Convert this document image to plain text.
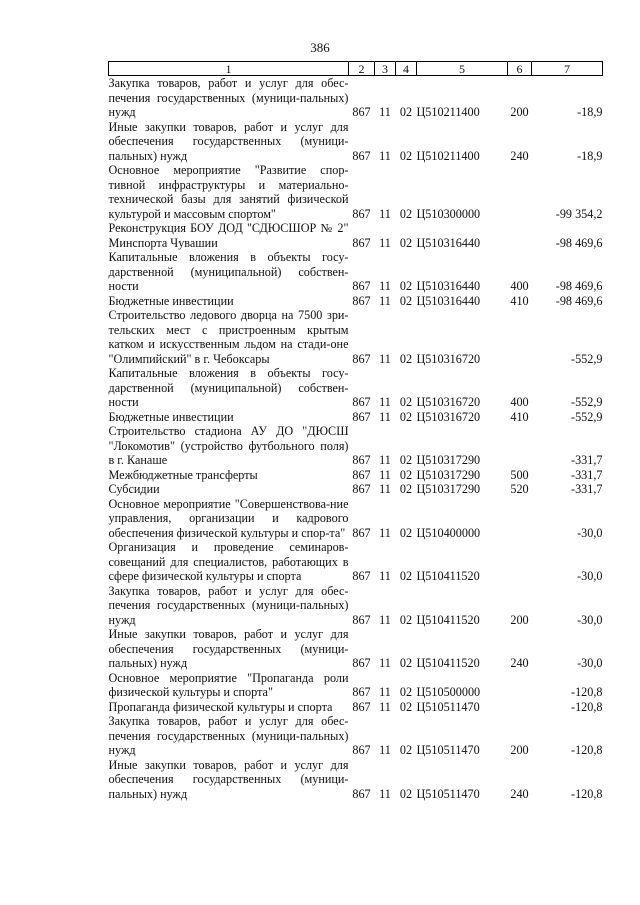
386
1	2	3	4	5	6	7
Закупка товаров, работ и услуг для обес-печения государственных (муници-пальных) нужд	867	11	02	Ц510211400	200	-18,9
Иные закупки товаров, работ и услуг для обеспечения государственных (муници-пальных) нужд	867	11	02	Ц510211400	240	-18,9
Основное мероприятие "Развитие спор-тивной инфраструктуры и материально-технической базы для занятий физической культурой и массовым спортом"	867	11	02	Ц510300000		-99 354,2
Реконструкция БОУ ДОД "СДЮСШОР № 2" Минспорта Чувашии	867	11	02	Ц510316440		-98 469,6
Капитальные вложения в объекты госу-дарственной (муниципальной) собствен-ности	867	11	02	Ц510316440	400	-98 469,6
Бюджетные инвестиции	867	11	02	Ц510316440	410	-98 469,6
Строительство ледового дворца на 7500 зри-тельских мест с пристроенным крытым катком и искусственным льдом на стади-оне "Олимпийский" в г. Чебоксары	867	11	02	Ц510316720		-552,9
Капитальные вложения в объекты госу-дарственной (муниципальной) собствен-ности	867	11	02	Ц510316720	400	-552,9
Бюджетные инвестиции	867	11	02	Ц510316720	410	-552,9
Строительство стадиона АУ ДО "ДЮСШ "Локомотив" (устройство футбольного поля) в г. Канаше	867	11	02	Ц510317290		-331,7
Межбюджетные трансферты	867	11	02	Ц510317290	500	-331,7
Субсидии	867	11	02	Ц510317290	520	-331,7
Основное мероприятие "Совершенствова-ние управления, организации и кадрового обеспечения физической культуры и спор-та"	867	11	02	Ц510400000		-30,0
Организация и проведение семинаров-совещаний для специалистов, работающих в сфере физической культуры и спорта	867	11	02	Ц510411520		-30,0
Закупка товаров, работ и услуг для обес-печения государственных (муници-пальных) нужд	867	11	02	Ц510411520	200	-30,0
Иные закупки товаров, работ и услуг для обеспечения государственных (муници-пальных) нужд	867	11	02	Ц510411520	240	-30,0
Основное мероприятие "Пропаганда роли физической культуры и спорта"	867	11	02	Ц510500000		-120,8
Пропаганда физической культуры и спорта	867	11	02	Ц510511470		-120,8
Закупка товаров, работ и услуг для обес-печения государственных (муници-пальных) нужд	867	11	02	Ц510511470	200	-120,8
Иные закупки товаров, работ и услуг для обеспечения государственных (муници-пальных) нужд	867	11	02	Ц510511470	240	-120,8
